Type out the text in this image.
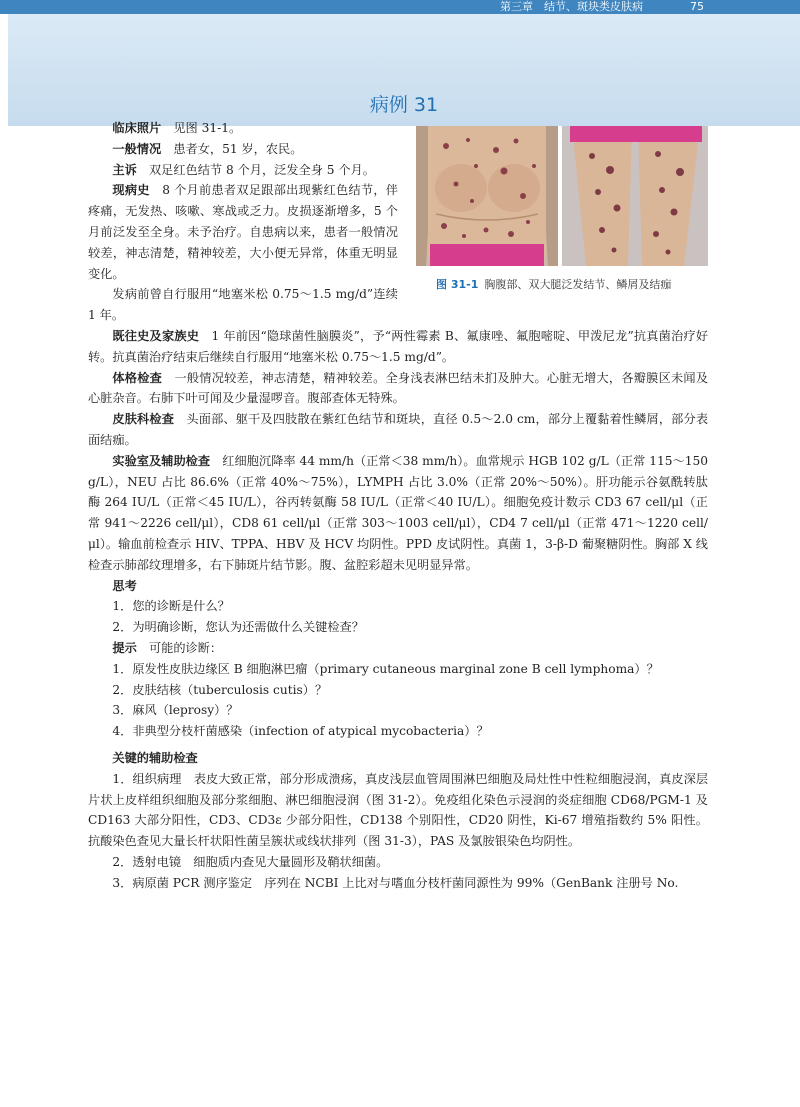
第三章　结节、斑块类皮肤病	75
病例 31
图 31-1 胸腹部、双大腿泛发结节、鳞屑及结痂

临床照片　 见图 31-1。

一般情况　 患者女，51 岁，农民。

主诉　 双足红色结节 8 个月，泛发全身 5 个月。

现病史　 8 个月前患者双足跟部出现紫红色结节，伴疼痛，无发热、咳嗽、寒战或乏力。皮损逐渐增多，5 个月前泛发至全身。未予治疗。自患病以来，患者一般情况较差，神志清楚，精神较差，大小便无异常，体重无明显变化。

发病前曾自行服用“地塞米松 0.75～1.5 mg/d”连续 1 年。

既往史及家族史　 1 年前因“隐球菌性脑膜炎”，予“两性霉素 B、氟康唑、氟胞嘧啶、甲泼尼龙”抗真菌治疗好转。抗真菌治疗结束后继续自行服用“地塞米松 0.75～1.5 mg/d”。

体格检查　 一般情况较差，神志清楚，精神较差。全身浅表淋巴结未扪及肿大。心脏无增大，各瓣膜区未闻及心脏杂音。右肺下叶可闻及少量湿啰音。腹部查体无特殊。

皮肤科检查　 头面部、躯干及四肢散在紫红色结节和斑块，直径 0.5～2.0 cm，部分上覆黏着性鳞屑，部分表面结痂。

实验室及辅助检查　 红细胞沉降率 44 mm/h（正常＜38 mm/h）。血常规示 HGB 102 g/L（正常 115～150 g/L），NEU 占比 86.6%（正常 40%～75%），LYMPH 占比 3.0%（正常 20%～50%）。肝功能示谷氨酰转肽酶 264 IU/L（正常＜45 IU/L），谷丙转氨酶 58 IU/L（正常＜40 IU/L）。细胞免疫计数示 CD3 67 cell/μl（正常 941～2226 cell/μl），CD8 61 cell/μl（正常 303～1003 cell/μl），CD4 7 cell/μl（正常 471～1220 cell/μl）。输血前检查示 HIV、TPPA、HBV 及 HCV 均阴性。PPD 皮试阴性。真菌 1，3-β-D 葡聚糖阴性。胸部 X 线检查示肺部纹理增多，右下肺斑片结节影。腹、盆腔彩超未见明显异常。

思考

1．您的诊断是什么？

2．为明确诊断，您认为还需做什么关键检查？

提示　 可能的诊断：

1．原发性皮肤边缘区 B 细胞淋巴瘤（primary cutaneous marginal zone B cell lymphoma）？

2．皮肤结核（tuberculosis cutis）？

3．麻风（leprosy）？

4．非典型分枝杆菌感染（infection of atypical mycobacteria）？

关键的辅助检查

1．组织病理　 表皮大致正常，部分形成溃疡，真皮浅层血管周围淋巴细胞及局灶性中性粒细胞浸润，真皮深层片状上皮样组织细胞及部分浆细胞、淋巴细胞浸润（图 31-2）。免疫组化染色示浸润的炎症细胞 CD68/PGM-1 及 CD163 大部分阳性，CD3、CD3ε 少部分阳性，CD138 个别阳性，CD20 阴性，Ki-67 增殖指数约 5% 阳性。抗酸染色查见大量长杆状阳性菌呈簇状或线状排列（图 31-3），PAS 及氯胺银染色均阴性。

2．透射电镜　 细胞质内查见大量圆形及鞘状细菌。

3．病原菌 PCR 测序鉴定　 序列在 NCBI 上比对与嗜血分枝杆菌同源性为 99%（GenBank 注册号 No.
